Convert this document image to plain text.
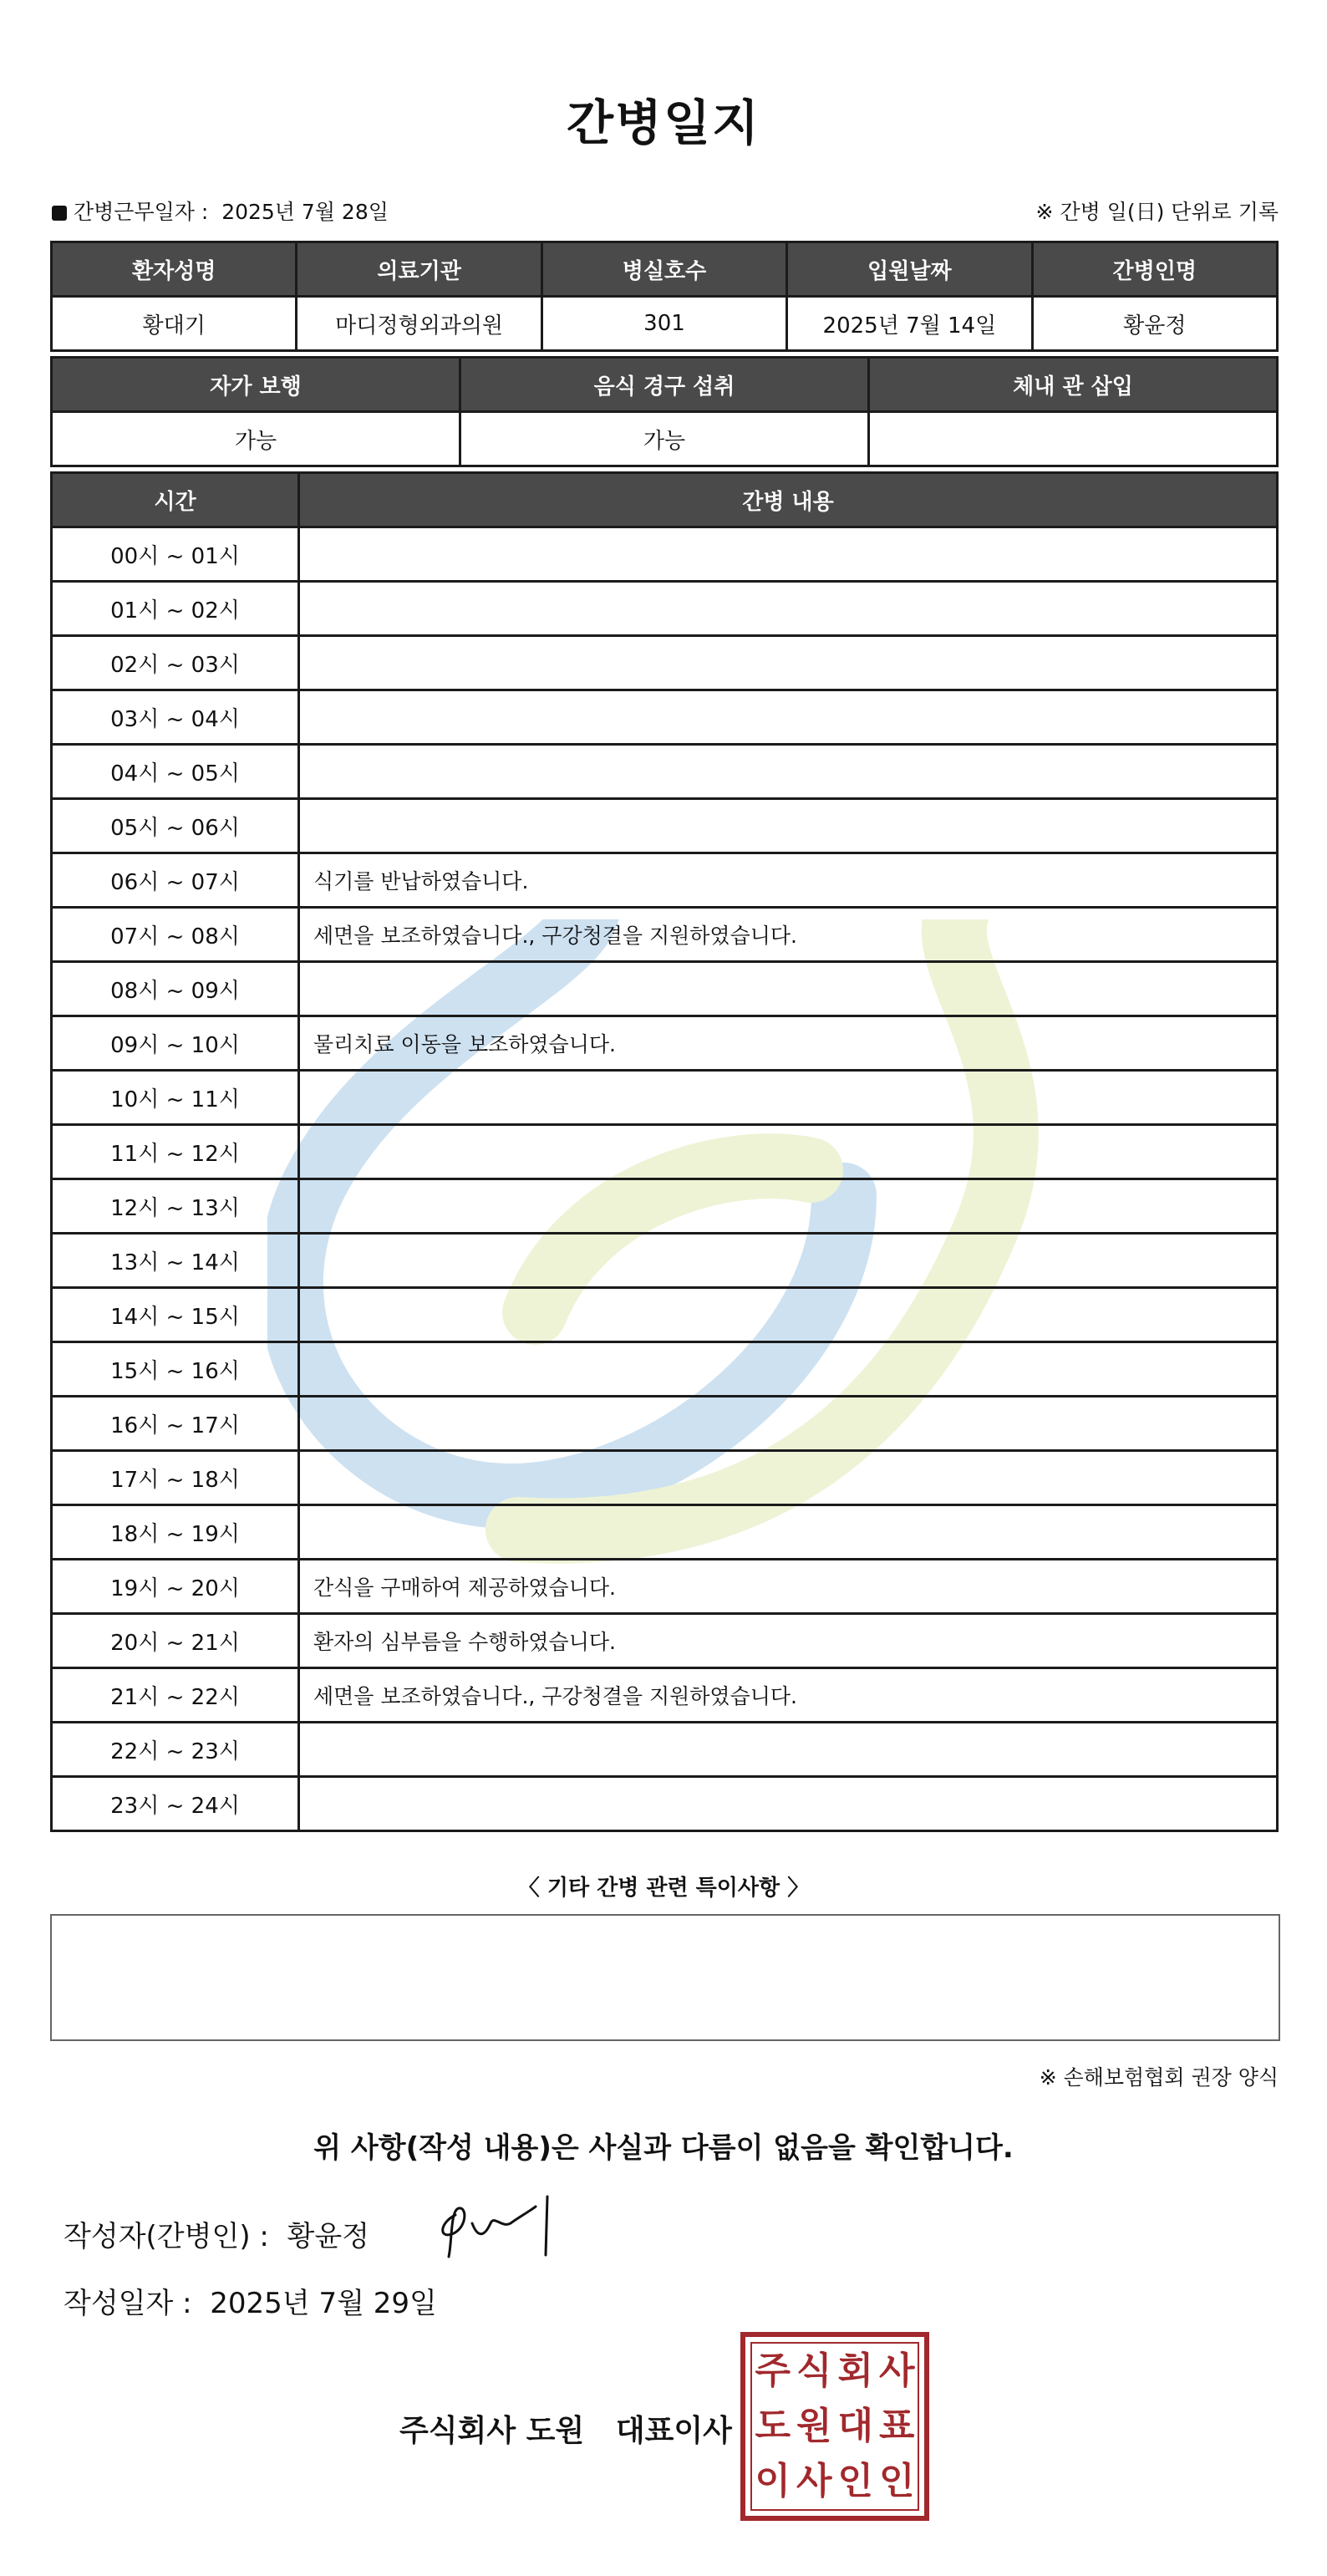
간병일지
간병근무일자 : 2025년 7월 28일	※ 간병 일(日) 단위로 기록
환자성명	의료기관	병실호수	입원날짜	간병인명
황대기	마디정형외과의원	301	2025년 7월 14일	황윤정
자가 보행	음식 경구 섭취	체내 관 삽입
가능	가능	
시간	간병 내용
00시 ~ 01시	
01시 ~ 02시	
02시 ~ 03시	
03시 ~ 04시	
04시 ~ 05시	
05시 ~ 06시	
06시 ~ 07시	식기를 반납하였습니다.
07시 ~ 08시	세면을 보조하였습니다., 구강청결을 지원하였습니다.
08시 ~ 09시	
09시 ~ 10시	물리치료 이동을 보조하였습니다.
10시 ~ 11시	
11시 ~ 12시	
12시 ~ 13시	
13시 ~ 14시	
14시 ~ 15시	
15시 ~ 16시	
16시 ~ 17시	
17시 ~ 18시	
18시 ~ 19시	
19시 ~ 20시	간식을 구매하여 제공하였습니다.
20시 ~ 21시	환자의 심부름을 수행하였습니다.
21시 ~ 22시	세면을 보조하였습니다., 구강청결을 지원하였습니다.
22시 ~ 23시	
23시 ~ 24시	
〈 기타 간병 관련 특이사항 〉
※ 손해보험협회 권장 양식
위 사항(작성 내용)은 사실과 다름이 없음을 확인합니다.
작성자(간병인) : 황윤정
작성일자 : 2025년 7월 29일
주식회사 도원 대표이사
주 식 회 사
도 원 대 표
이 사 인 인
